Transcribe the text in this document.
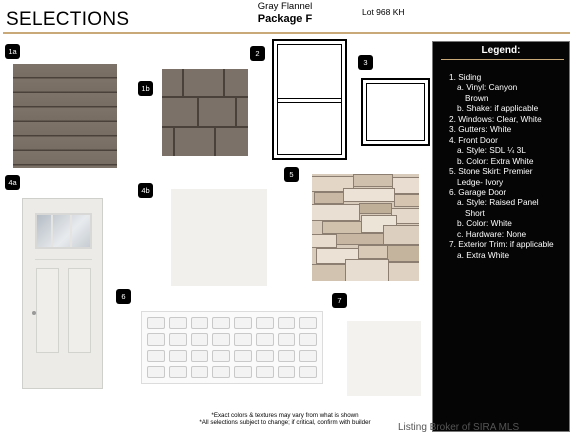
SELECTIONS
Gray Flannel
Package F
Lot 968 KH
1a
1b
2
3
4a
4b
5
6	7
Legend:
1. Siding
a. Vinyl: Canyon
Brown
b. Shake: if applicable
2. Windows: Clear, White
3. Gutters: White
4. Front Door
a. Style: SDL ¼ 3L
b. Color: Extra White
5. Stone Skirt: Premier
Ledge- Ivory
6. Garage Door
a. Style: Raised Panel
Short
b. Color: White
c. Hardware: None
7. Exterior Trim: if applicable
a. Extra White
*Exact colors & textures may vary from what is shown
*All selections subject to change; if critical, confirm with builder	Listing Broker of SIRA MLS
